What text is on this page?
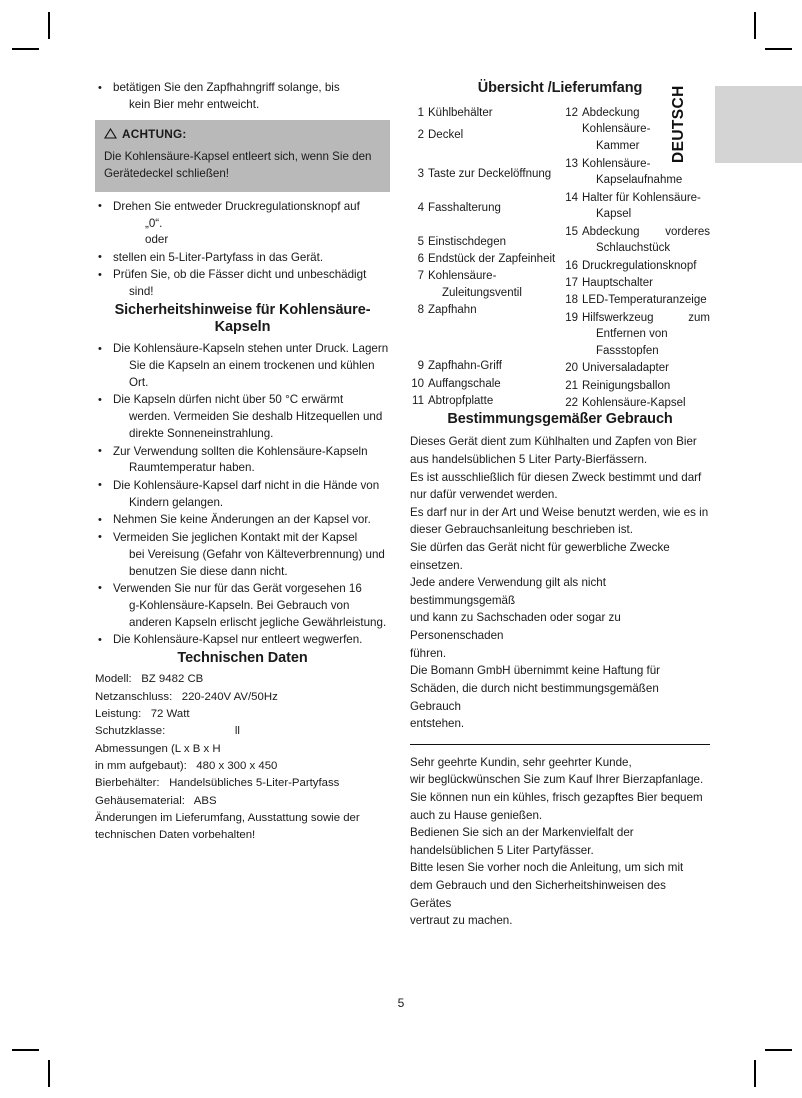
DEUTSCH
• betätigen Sie den Zapfhahngriff solange, bis
kein Bier mehr entweicht.
ACHTUNG:
Die Kohlensäure-Kapsel entleert sich, wenn Sie den
Gerätedeckel schließen!
• Drehen Sie entweder Druckregulationsknopf auf
„0“.
oder
• stellen ein 5-Liter-Partyfass in das Gerät.
• Prüfen Sie, ob die Fässer dicht und unbeschädigt
sind!
Sicherheitshinweise für Kohlensäure-
Kapseln
• Die Kohlensäure-Kapseln stehen unter Druck. Lagern
Sie die Kapseln an einem trockenen und kühlen Ort.
• Die Kapseln dürfen nicht über 50 °C erwärmt
werden. Vermeiden Sie deshalb Hitzequellen und direkte Sonneneinstrahlung.
• Zur Verwendung sollten die Kohlensäure-Kapseln
Raumtemperatur haben.
• Die Kohlensäure-Kapsel darf nicht in die Hände von
Kindern gelangen.
• Nehmen Sie keine Änderungen an der Kapsel vor.
• Vermeiden Sie jeglichen Kontakt mit der Kapsel
bei Vereisung (Gefahr von Kälteverbrennung) und benutzen Sie diese dann nicht.
• Verwenden Sie nur für das Gerät vorgesehen 16
g-Kohlensäure-Kapseln. Bei Gebrauch von anderen Kapseln erlischt jegliche Gewährleistung.
• Die Kohlensäure-Kapsel nur entleert wegwerfen.
Technischen Daten
Modell:   BZ 9482 CB
Netzanschluss:   220-240V AV/50Hz
Leistung:   72 Watt
Schutzklasse:                      ll
Abmessungen (L x B x H
in mm aufgebaut):   480 x 300 x 450
Bierbehälter:   Handelsübliches 5-Liter-Partyfass
Gehäusematerial:   ABS
Änderungen im Lieferumfang, Ausstattung sowie der
technischen Daten vorbehalten!
Übersicht /Lieferumfang
1 Kühlbehälter
2 Deckel
3 Taste zur Deckelöffnung
4 Fasshalterung
5 Einstischdegen
6 Endstück der Zapfeinheit
7 Kohlensäure-
Zuleitungsventil
8 Zapfhahn
9 Zapfhahn-Griff
10 Auffangschale
11 Abtropfplatte
12 Abdeckung Kohlensäure-
Kammer
13 Kohlensäure-
Kapselaufnahme
14 Halter für Kohlensäure-
Kapsel
15 Abdeckung vorderes
Schlauchstück
16 Druckregulationsknopf
17 Hauptschalter
18 LED-Temperaturanzeige
19 Hilfswerkzeug zum
Entfernen von
Fassstopfen
20 Universaladapter
21 Reinigungsballon
22 Kohlensäure-Kapsel
Bestimmungsgemäßer Gebrauch

Dieses Gerät dient zum Kühlhalten und Zapfen von Bier
aus handelsüblichen 5 Liter Party-Bierfässern.
Es ist ausschließlich für diesen Zweck bestimmt und darf
nur dafür verwendet werden.
Es darf nur in der Art und Weise benutzt werden, wie es in
dieser Gebrauchsanleitung beschrieben ist.
Sie dürfen das Gerät nicht für gewerbliche Zwecke
einsetzen.
Jede andere Verwendung gilt als nicht bestimmungsgemäß
und kann zu Sachschaden oder sogar zu Personenschaden
führen.
Die Bomann GmbH übernimmt keine Haftung für
Schäden, die durch nicht bestimmungsgemäßen Gebrauch
entstehen.

Sehr geehrte Kundin, sehr geehrter Kunde,
wir beglückwünschen Sie zum Kauf Ihrer Bierzapfanlage.
Sie können nun ein kühles, frisch gezapftes Bier bequem
auch zu Hause genießen.
Bedienen Sie sich an der Markenvielfalt der
handelsüblichen 5 Liter Partyfässer.
Bitte lesen Sie vorher noch die Anleitung, um sich mit
dem Gebrauch und den Sicherheitshinweisen des Gerätes
vertraut zu machen.

5
